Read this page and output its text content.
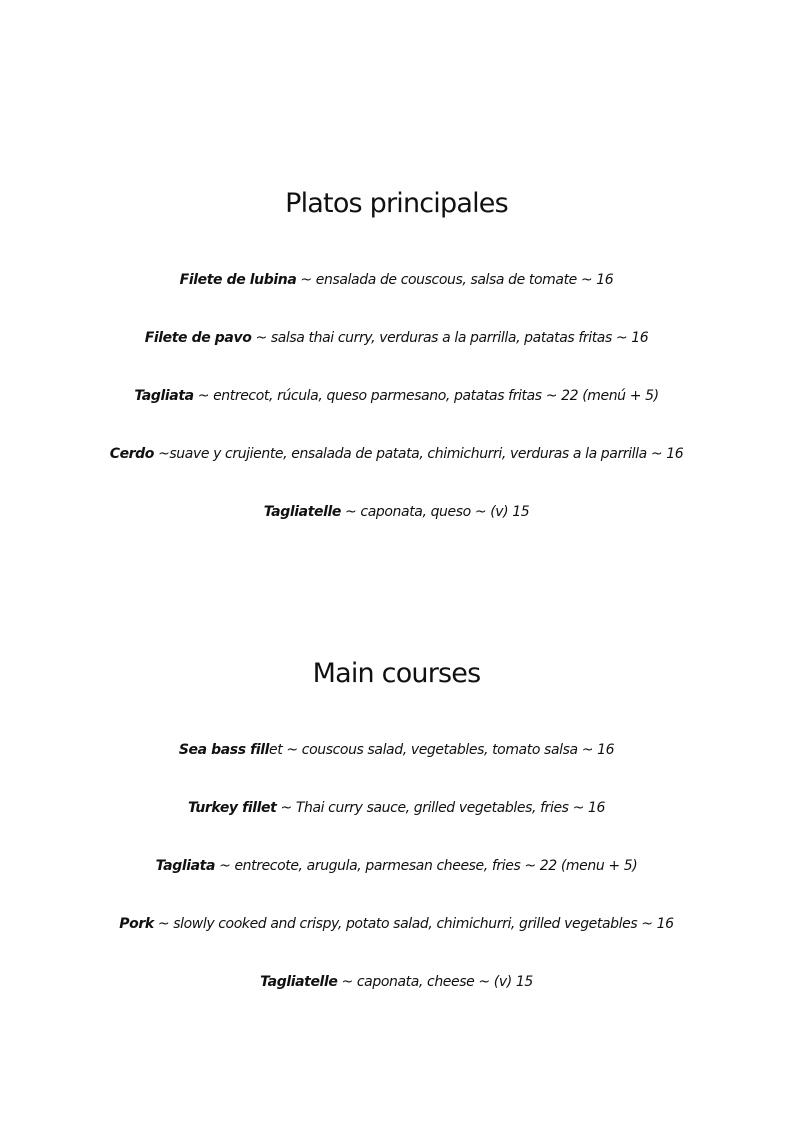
Platos principales
Filete de lubina ~ ensalada de couscous, salsa de tomate ~ 16
Filete de pavo ~ salsa thai curry, verduras a la parrilla, patatas fritas ~ 16
Tagliata ~ entrecot, rúcula, queso parmesano, patatas fritas ~ 22 (menú + 5)
Cerdo ~suave y crujiente, ensalada de patata, chimichurri, verduras a la parrilla ~ 16
Tagliatelle ~ caponata, queso ~ (v) 15
Main courses
Sea bass fillet ~ couscous salad, vegetables, tomato salsa ~ 16
Turkey fillet ~ Thai curry sauce, grilled vegetables, fries ~ 16
Tagliata ~ entrecote, arugula, parmesan cheese, fries ~ 22 (menu + 5)
Pork ~ slowly cooked and crispy, potato salad, chimichurri, grilled vegetables ~ 16
Tagliatelle ~ caponata, cheese ~ (v) 15
